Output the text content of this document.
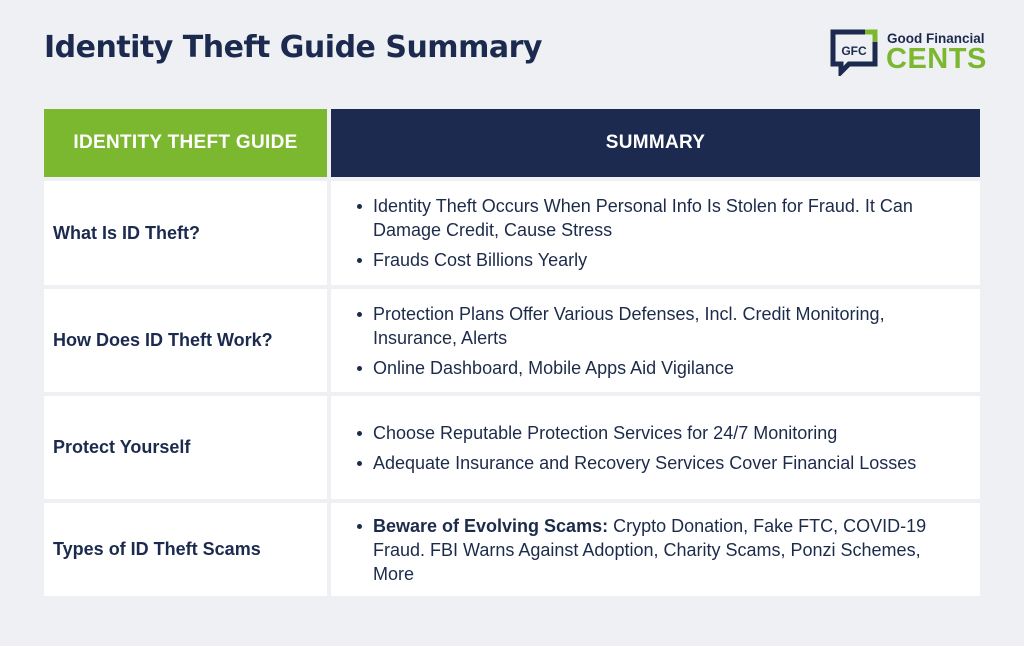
Identity Theft Guide Summary	GFC
Good Financial
CENTS
IDENTITY THEFT GUIDE	SUMMARY
What Is ID Theft?
Identity Theft Occurs When Personal Info Is Stolen for Fraud. It Can Damage Credit, Cause Stress
Frauds Cost Billions Yearly
How Does ID Theft Work?
Protection Plans Offer Various Defenses, Incl. Credit Monitoring, Insurance, Alerts
Online Dashboard, Mobile Apps Aid Vigilance
Protect Yourself
Choose Reputable Protection Services for 24/7 Monitoring
Adequate Insurance and Recovery Services Cover Financial Losses
Types of ID Theft Scams
Beware of Evolving Scams: Crypto Donation, Fake FTC, COVID-19 Fraud. FBI Warns Against Adoption, Charity Scams, Ponzi Schemes, More
